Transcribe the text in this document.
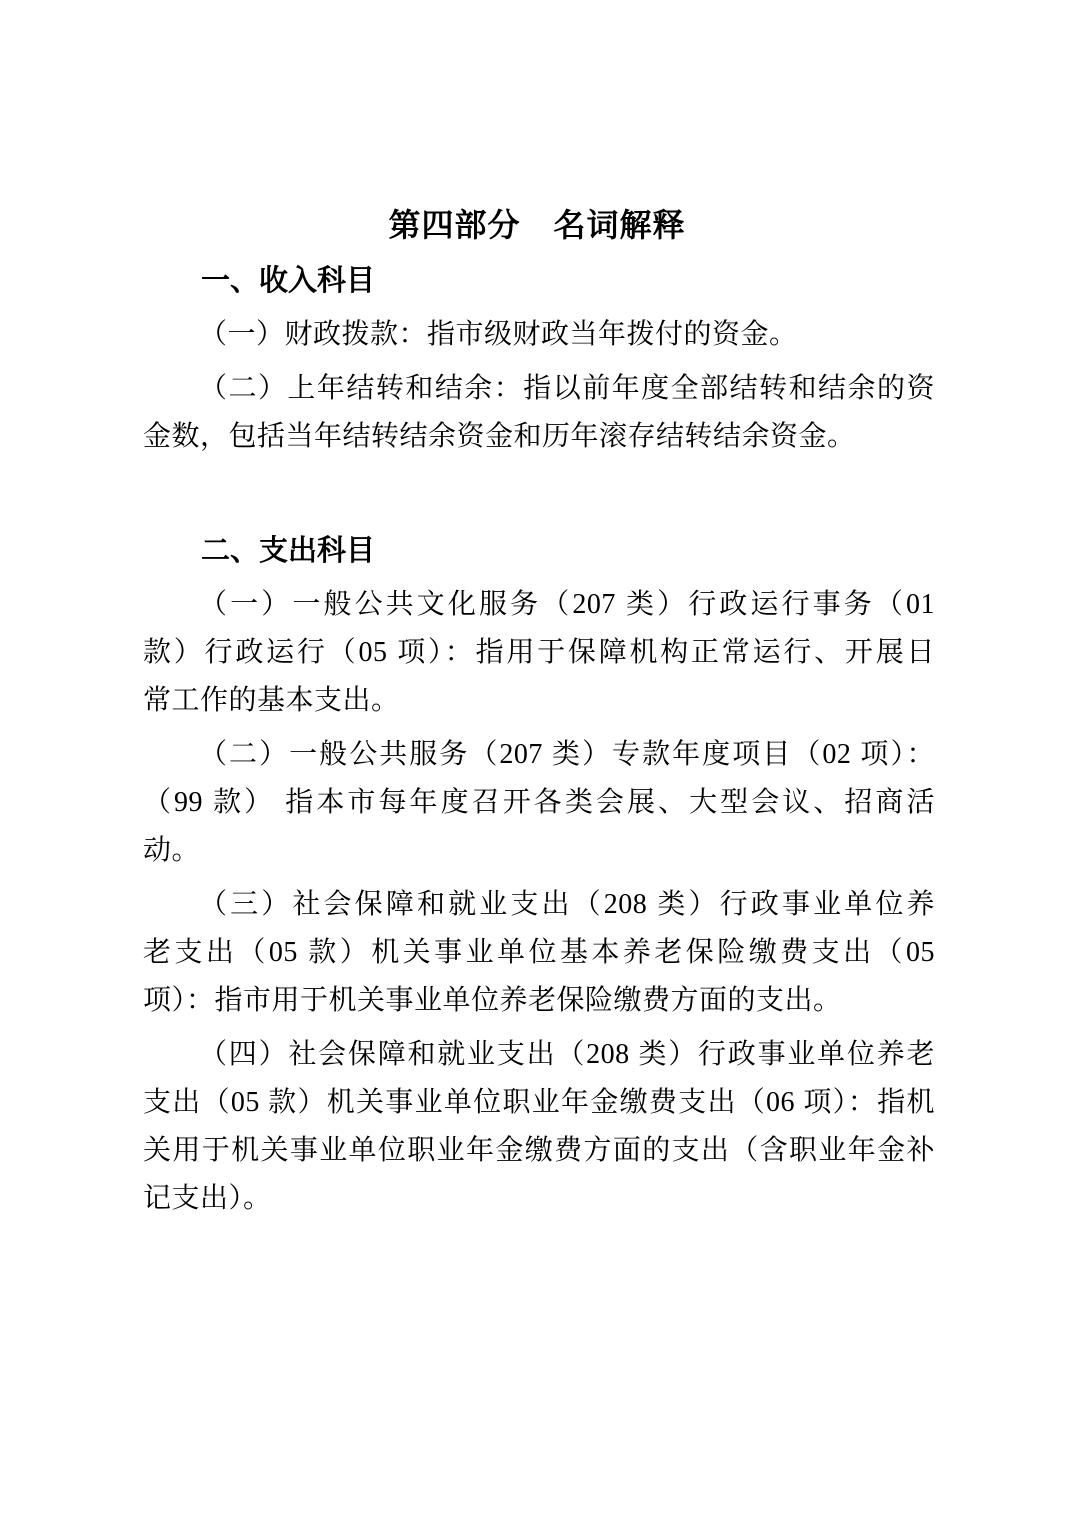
第四部分　名词解释
一、收入科目
（一）财政拨款：指市级财政当年拨付的资金。
（二）上年结转和结余：指以前年度全部结转和结余的资
金数，包括当年结转结余资金和历年滚存结转结余资金。
二、支出科目
（一）一般公共文化服务（207 类）行政运行事务（01
款）行政运行（05 项）：指用于保障机构正常运行、开展日
常工作的基本支出。
（二）一般公共服务（207 类）专款年度项目（02 项）：
（99 款） 指本市每年度召开各类会展、大型会议、招商活
动。
（三）社会保障和就业支出（208 类）行政事业单位养
老支出（05 款）机关事业单位基本养老保险缴费支出（05
项）：指市用于机关事业单位养老保险缴费方面的支出。
（四）社会保障和就业支出（208 类）行政事业单位养老
支出（05 款）机关事业单位职业年金缴费支出（06 项）：指机
关用于机关事业单位职业年金缴费方面的支出（含职业年金补
记支出）。
